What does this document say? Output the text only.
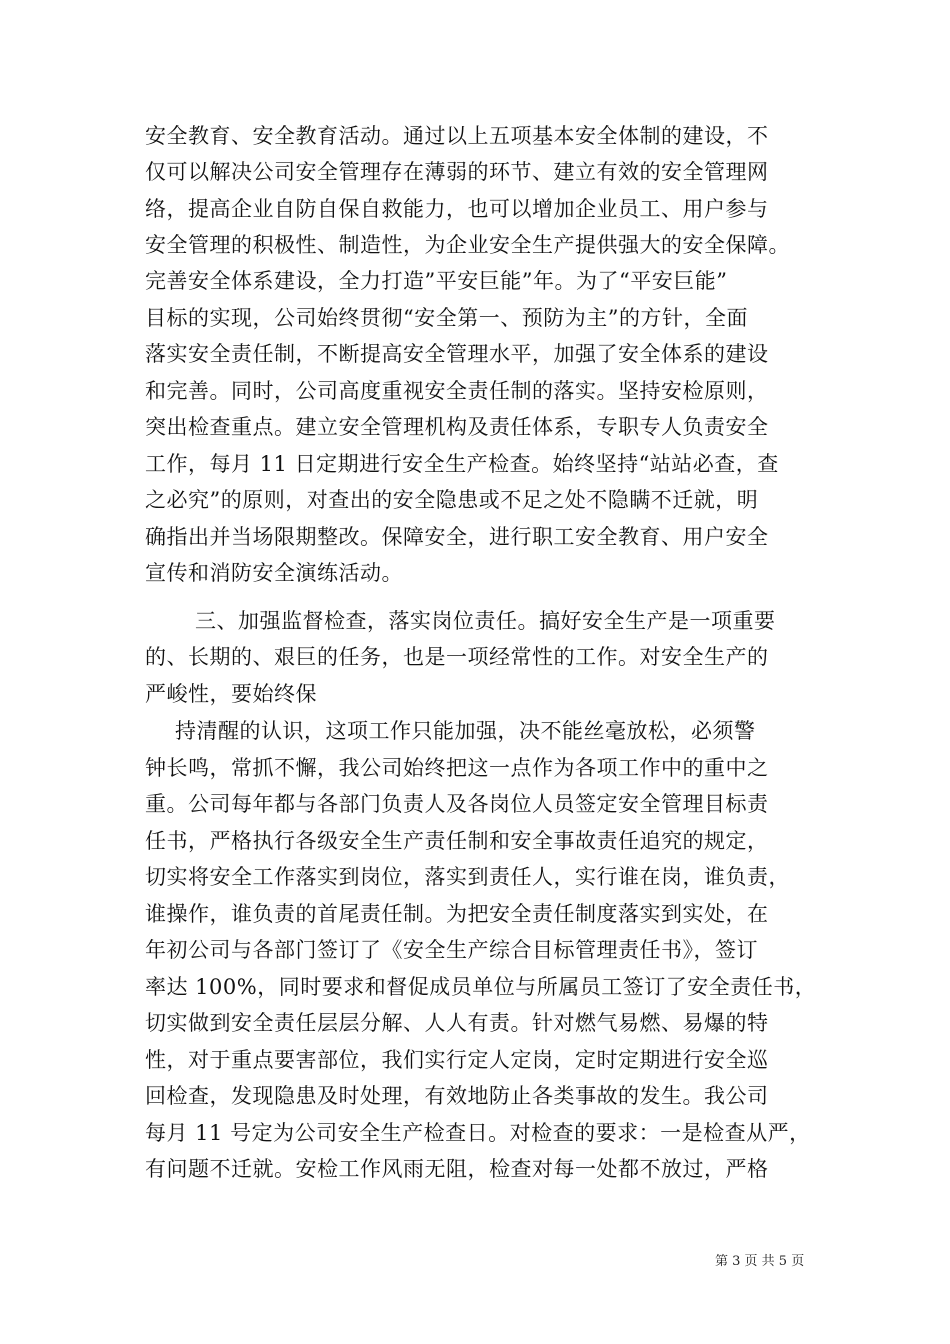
安全教育、安全教育活动。通过以上五项基本安全体制的建设，不
仅可以解决公司安全管理存在薄弱的环节、建立有效的安全管理网
络，提高企业自防自保自救能力，也可以增加企业员工、用户参与
安全管理的积极性、制造性，为企业安全生产提供强大的安全保障。
完善安全体系建设，全力打造”平安巨能”年。为了“平安巨能”
目标的实现，公司始终贯彻“安全第一、预防为主”的方针，全面
落实安全责任制，不断提高安全管理水平，加强了安全体系的建设
和完善。同时，公司高度重视安全责任制的落实。坚持安检原则，
突出检查重点。建立安全管理机构及责任体系，专职专人负责安全
工作，每月 11 日定期进行安全生产检查。始终坚持“站站必查，查
之必究”的原则，对查出的安全隐患或不足之处不隐瞒不迁就，明
确指出并当场限期整改。保障安全，进行职工安全教育、用户安全
宣传和消防安全演练活动。
三、加强监督检查，落实岗位责任。搞好安全生产是一项重要
的、长期的、艰巨的任务，也是一项经常性的工作。对安全生产的
严峻性，要始终保
持清醒的认识，这项工作只能加强，决不能丝毫放松，必须警
钟长鸣，常抓不懈，我公司始终把这一点作为各项工作中的重中之
重。公司每年都与各部门负责人及各岗位人员签定安全管理目标责
任书，严格执行各级安全生产责任制和安全事故责任追究的规定，
切实将安全工作落实到岗位，落实到责任人，实行谁在岗，谁负责，
谁操作，谁负责的首尾责任制。为把安全责任制度落实到实处，在
年初公司与各部门签订了《安全生产综合目标管理责任书》，签订
率达 100%，同时要求和督促成员单位与所属员工签订了安全责任书，
切实做到安全责任层层分解、人人有责。针对燃气易燃、易爆的特
性，对于重点要害部位，我们实行定人定岗，定时定期进行安全巡
回检查，发现隐患及时处理，有效地防止各类事故的发生。我公司
每月 11 号定为公司安全生产检查日。对检查的要求：一是检查从严，
有问题不迁就。安检工作风雨无阻，检查对每一处都不放过，严格
第 3 页 共 5 页
